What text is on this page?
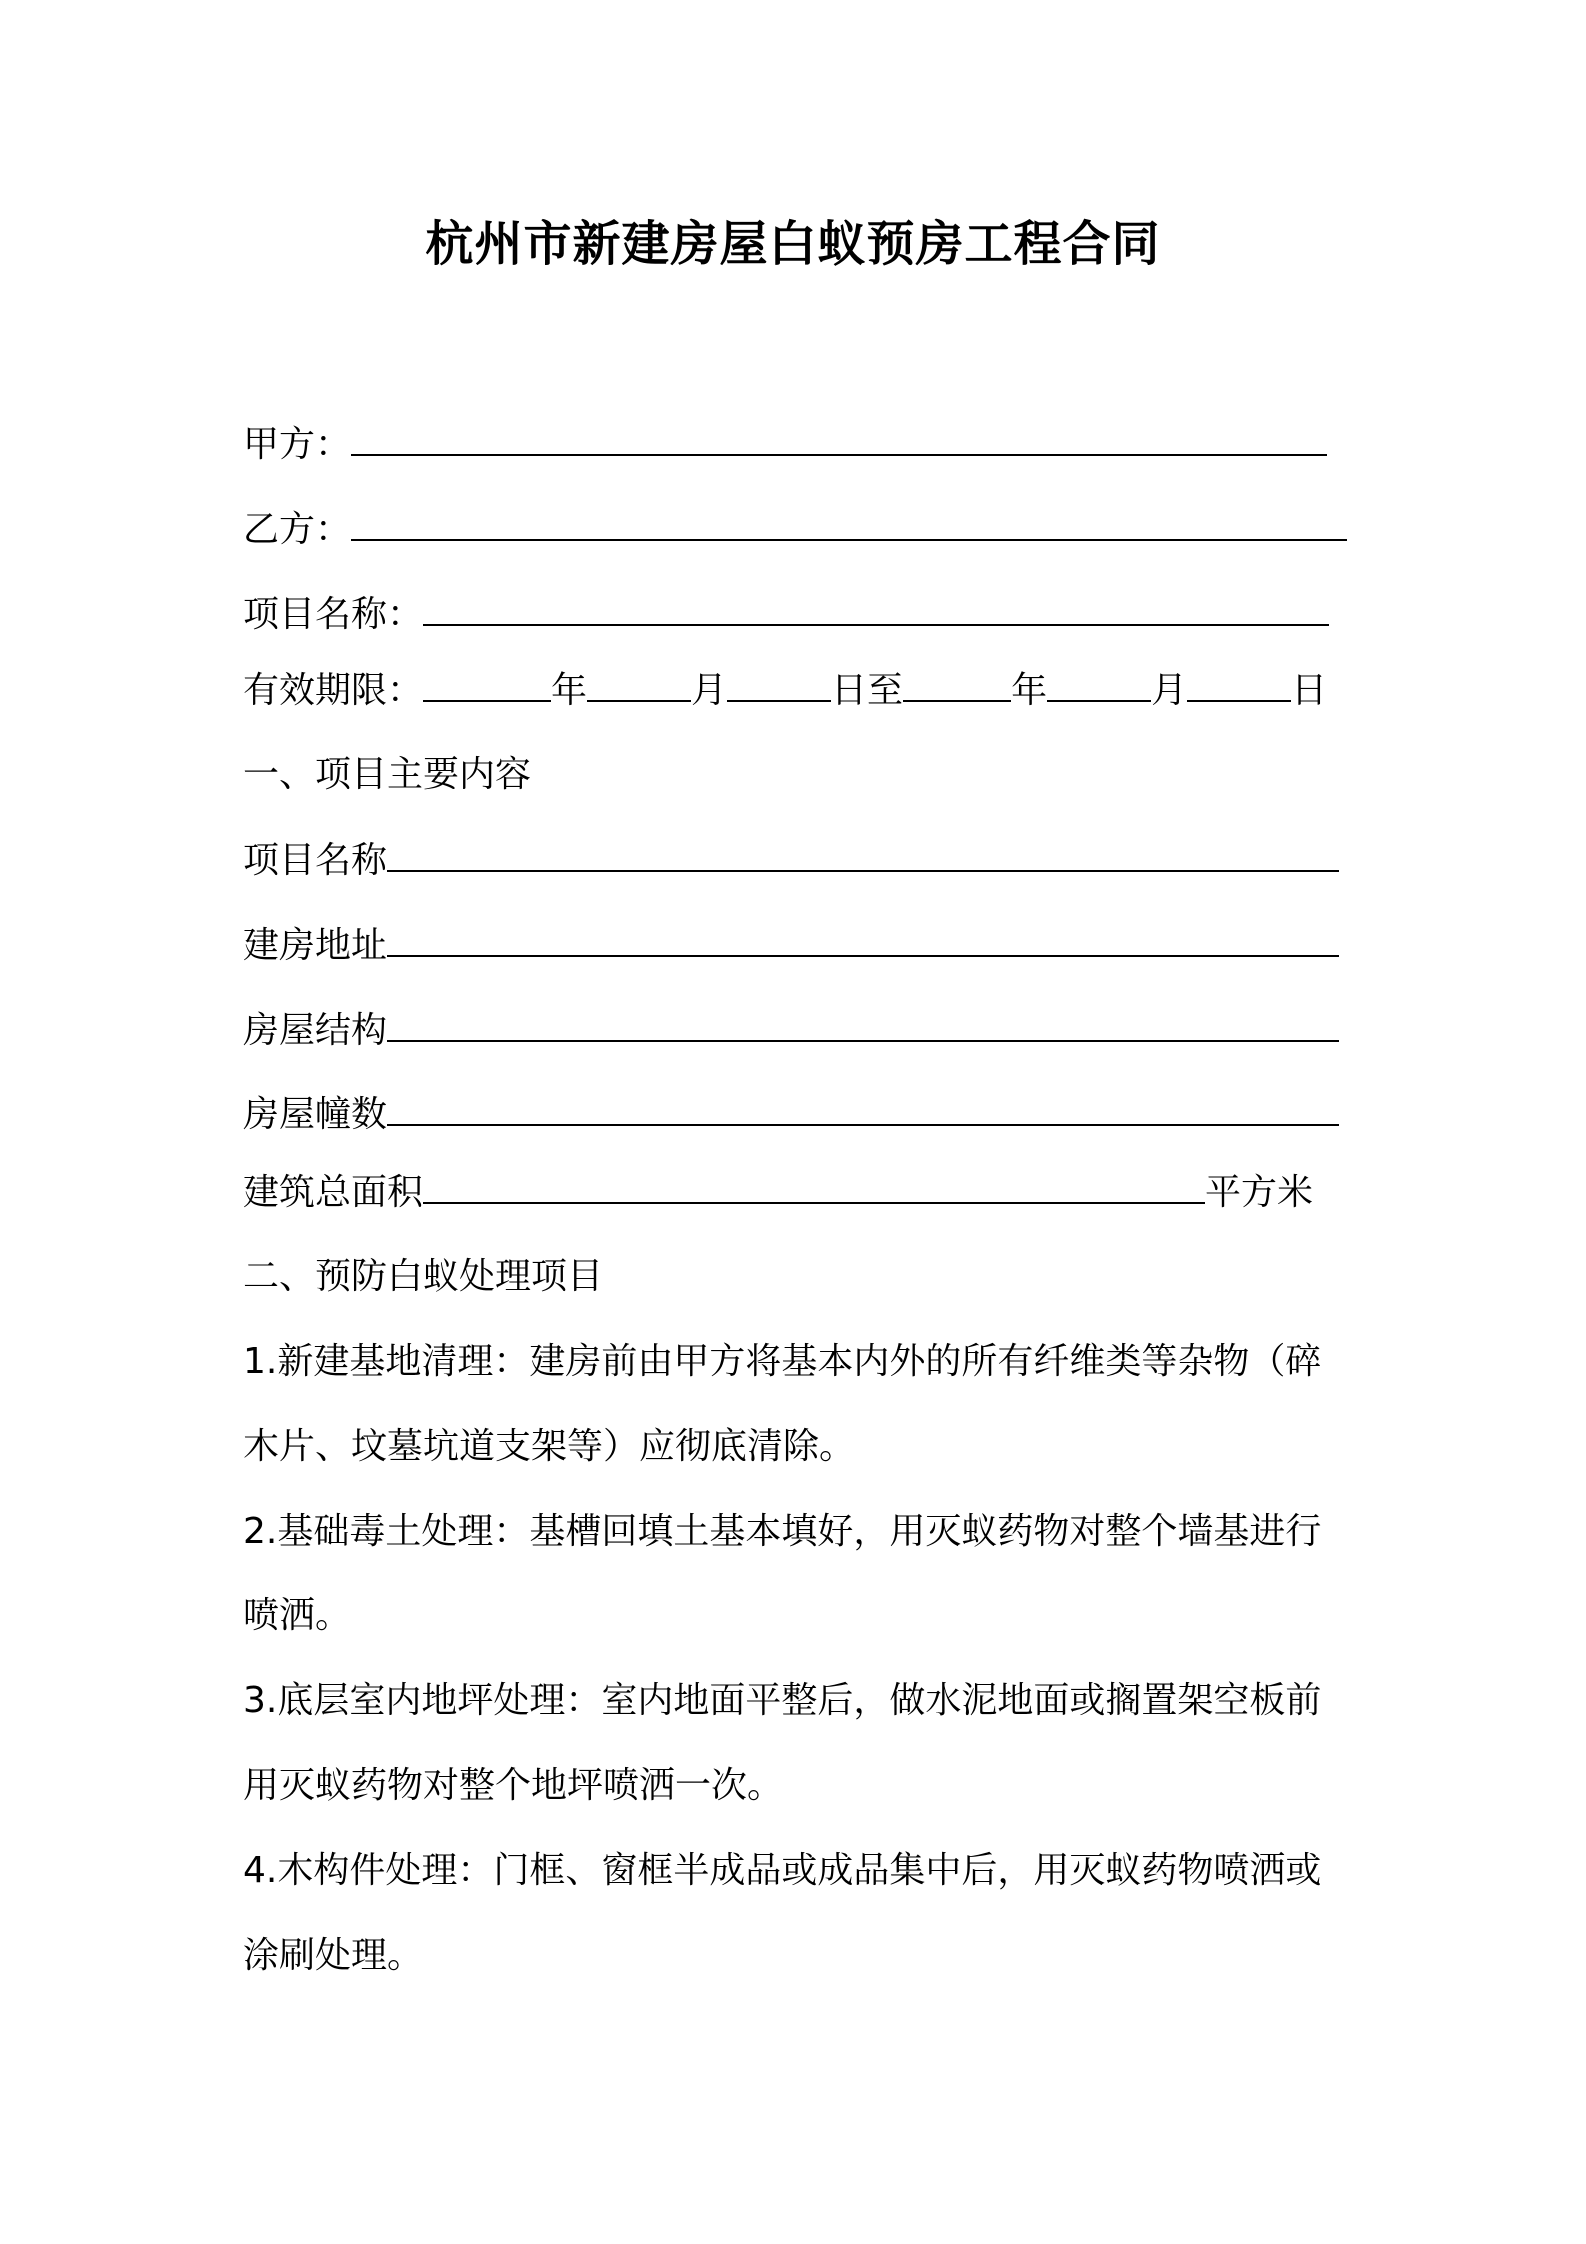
杭州市新建房屋白蚁预房工程合同
甲方：
乙方：
项目名称：
有效期限：	年	月	日至	年	月	日
一、项目主要内容
项目名称
建房地址
房屋结构
房屋幢数
建筑总面积	平方米
二、预防白蚁处理项目
1.新建基地清理：建房前由甲方将基本内外的所有纤维类等杂物（碎
木片、坟墓坑道支架等）应彻底清除。
2.基础毒土处理：基槽回填土基本填好，用灭蚁药物对整个墙基进行
喷洒。
3.底层室内地坪处理：室内地面平整后，做水泥地面或搁置架空板前
用灭蚁药物对整个地坪喷洒一次。
4.木构件处理：门框、窗框半成品或成品集中后，用灭蚁药物喷洒或
涂刷处理。
